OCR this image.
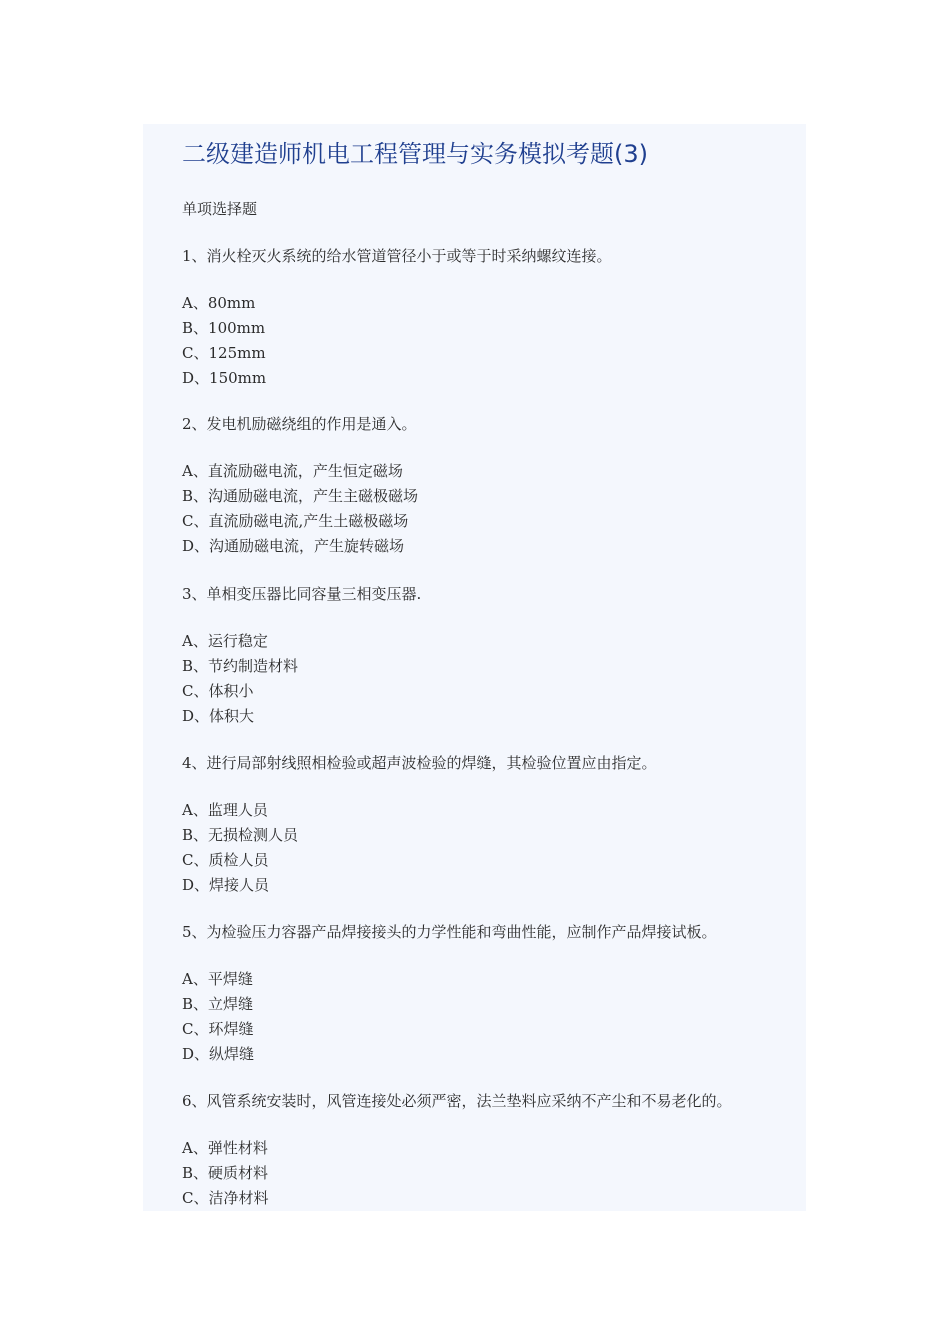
二级建造师机电工程管理与实务模拟考题(3)
单项选择题
1、消火栓灭火系统的给水管道管径小于或等于时采纳螺纹连接。
A、80mm
B、100mm
C、125mm
D、150mm
2、发电机励磁绕组的作用是通入。
A、直流励磁电流，产生恒定磁场
B、沟通励磁电流，产生主磁极磁场
C、直流励磁电流,产生土磁极磁场
D、沟通励磁电流，产生旋转磁场
3、单相变压器比同容量三相变压器.
A、运行稳定
B、节约制造材料
C、体积小
D、体积大
4、进行局部射线照相检验或超声波检验的焊缝，其检验位置应由指定。
A、监理人员
B、无损检测人员
C、质检人员
D、焊接人员
5、为检验压力容器产品焊接接头的力学性能和弯曲性能，应制作产品焊接试板。
A、平焊缝
B、立焊缝
C、环焊缝
D、纵焊缝
6、风管系统安装时，风管连接处必须严密，法兰垫料应采纳不产尘和不易老化的。
A、弹性材料
B、硬质材料
C、洁净材料
